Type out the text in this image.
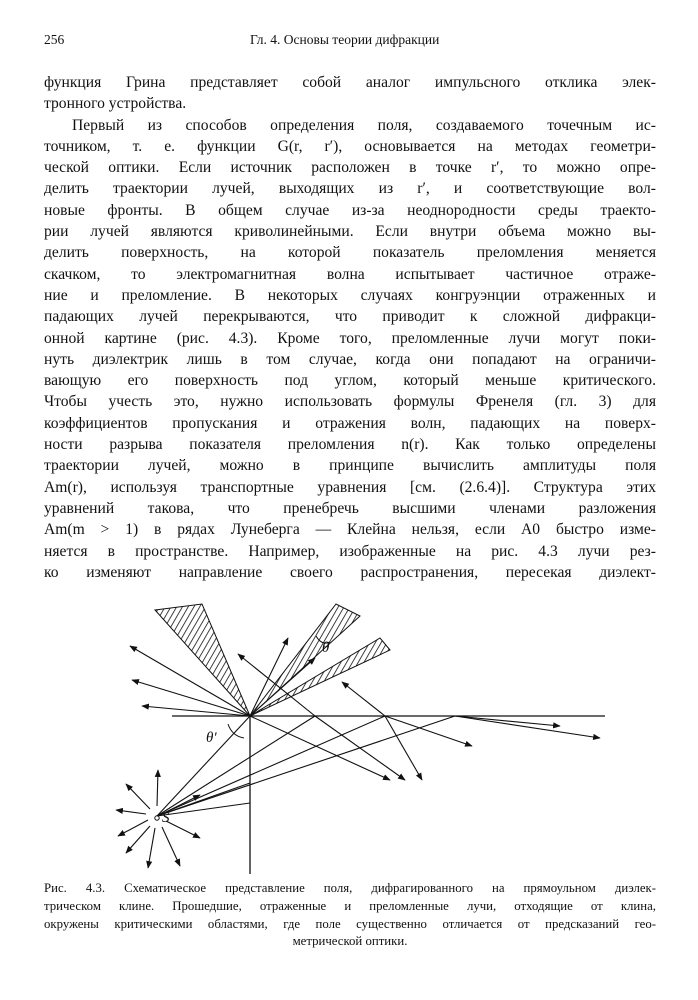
256	Гл. 4. Основы теории дифракции
функция Грина представляет собой аналог импульсного отклика элек-
тронного устройства.
Первый из способов определения поля, создаваемого точечным ис-
точником, т. е. функции G(r, r′), основывается на методах геометри-
ческой оптики. Если источник расположен в точке r′, то можно опре-
делить траектории лучей, выходящих из r′, и соответствующие вол-
новые фронты. В общем случае из-за неоднородности среды траекто-
рии лучей являются криволинейными. Если внутри объема можно вы-
делить поверхность, на которой показатель преломления меняется
скачком, то электромагнитная волна испытывает частичное отраже-
ние и преломление. В некоторых случаях конгруэнции отраженных и
падающих лучей перекрываются, что приводит к сложной дифракци-
онной картине (рис. 4.3). Кроме того, преломленные лучи могут поки-
нуть диэлектрик лишь в том случае, когда они попадают на ограничи-
вающую его поверхность под углом, который меньше критического.
Чтобы учесть это, нужно использовать формулы Френеля (гл. 3) для
коэффициентов пропускания и отражения волн, падающих на поверх-
ности разрыва показателя преломления n(r). Как только определены
траектории лучей, можно в принципе вычислить амплитуды поля
Am(r), используя транспортные уравнения [см. (2.6.4)]. Структура этих
уравнений такова, что пренебречь высшими членами разложения
Am(m > 1) в рядах Лунеберга — Клейна нельзя, если A0 быстро изме-
няется в пространстве. Например, изображенные на рис. 4.3 лучи рез-
ко изменяют направление своего распространения, пересекая диэлект-
S
θ
θ′
Рис. 4.3. Схематическое представление поля, дифрагированного на прямоульном диэлек-
трическом клине. Прошедшие, отраженные и преломленные лучи, отходящие от клина,
окружены критическими областями, где поле существенно отличается от предсказаний гео-
метрической оптики.
